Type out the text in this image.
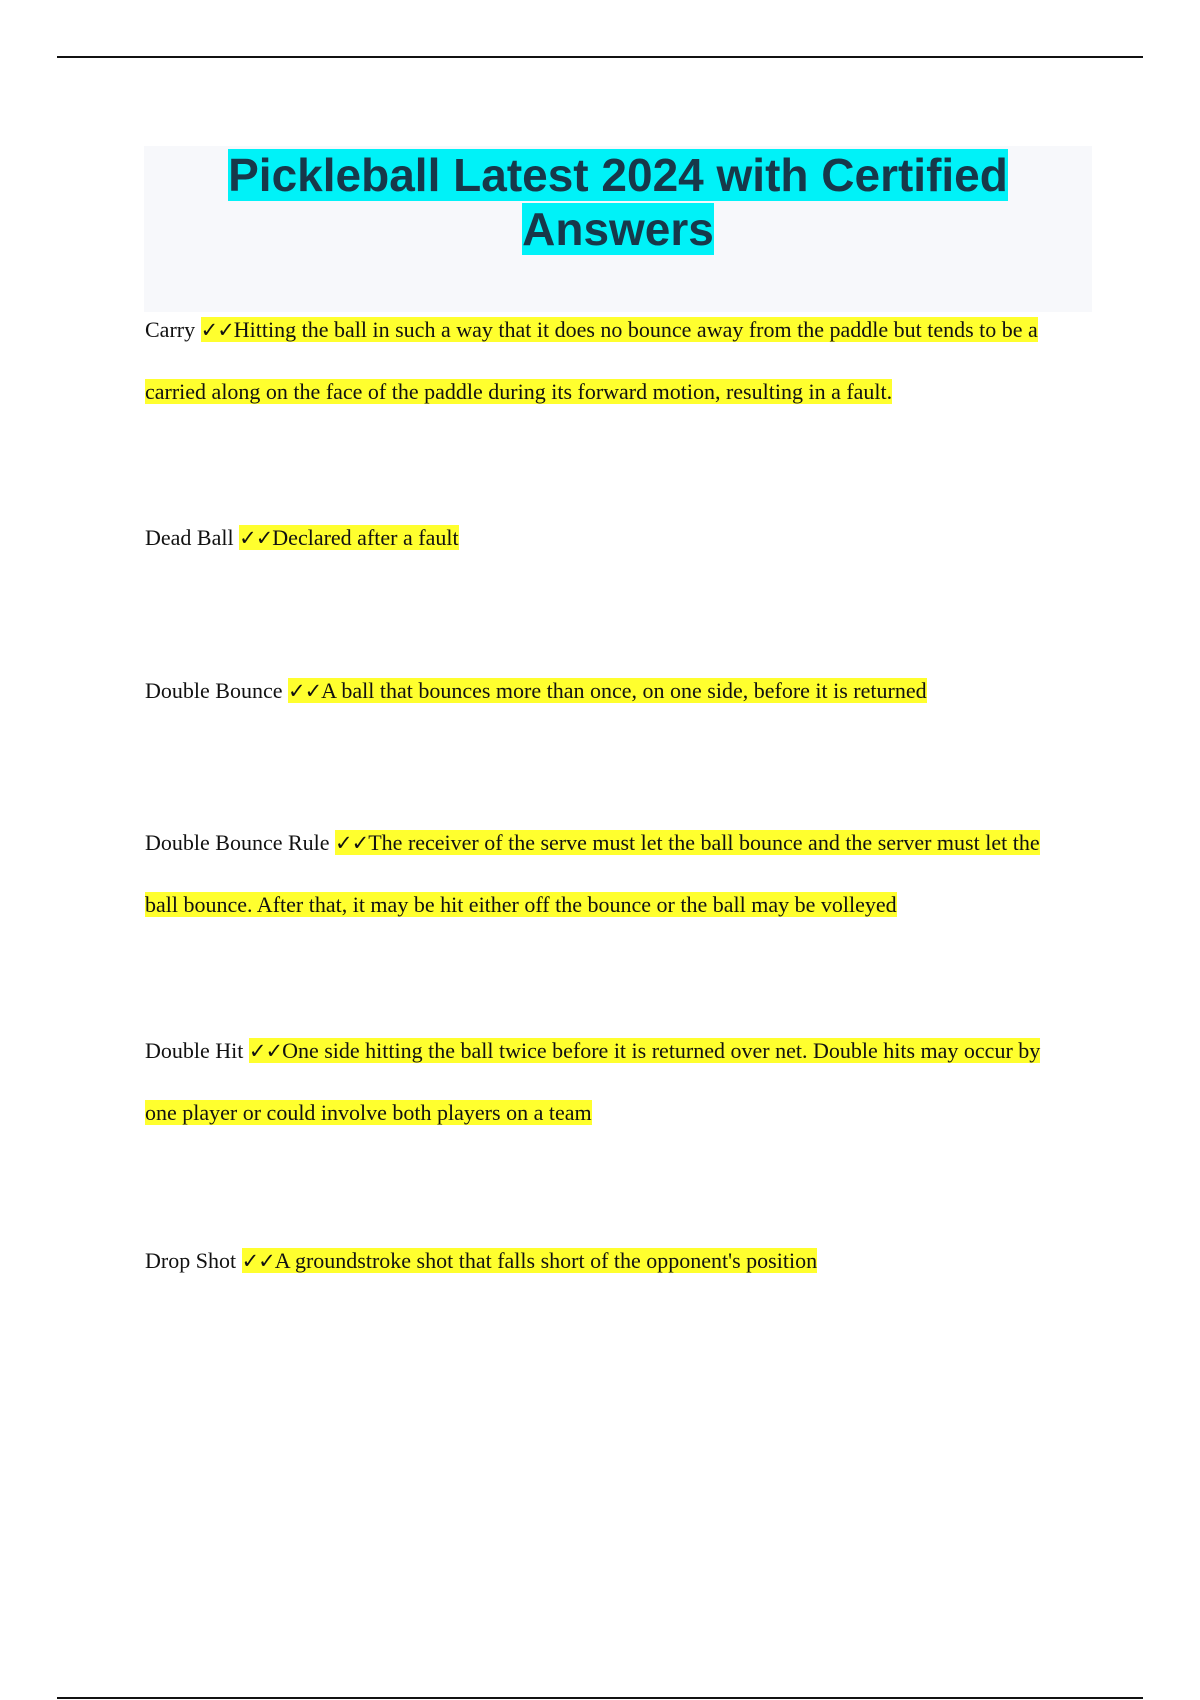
Pickleball Latest 2024 with Certified Answers
Carry ✓✓Hitting the ball in such a way that it does no bounce away from the paddle but tends to be a carried along on the face of the paddle during its forward motion, resulting in a fault.
Dead Ball ✓✓Declared after a fault
Double Bounce ✓✓A ball that bounces more than once, on one side, before it is returned
Double Bounce Rule ✓✓The receiver of the serve must let the ball bounce and the server must let the ball bounce. After that, it may be hit either off the bounce or the ball may be volleyed
Double Hit ✓✓One side hitting the ball twice before it is returned over net. Double hits may occur by one player or could involve both players on a team
Drop Shot ✓✓A groundstroke shot that falls short of the opponent's position
